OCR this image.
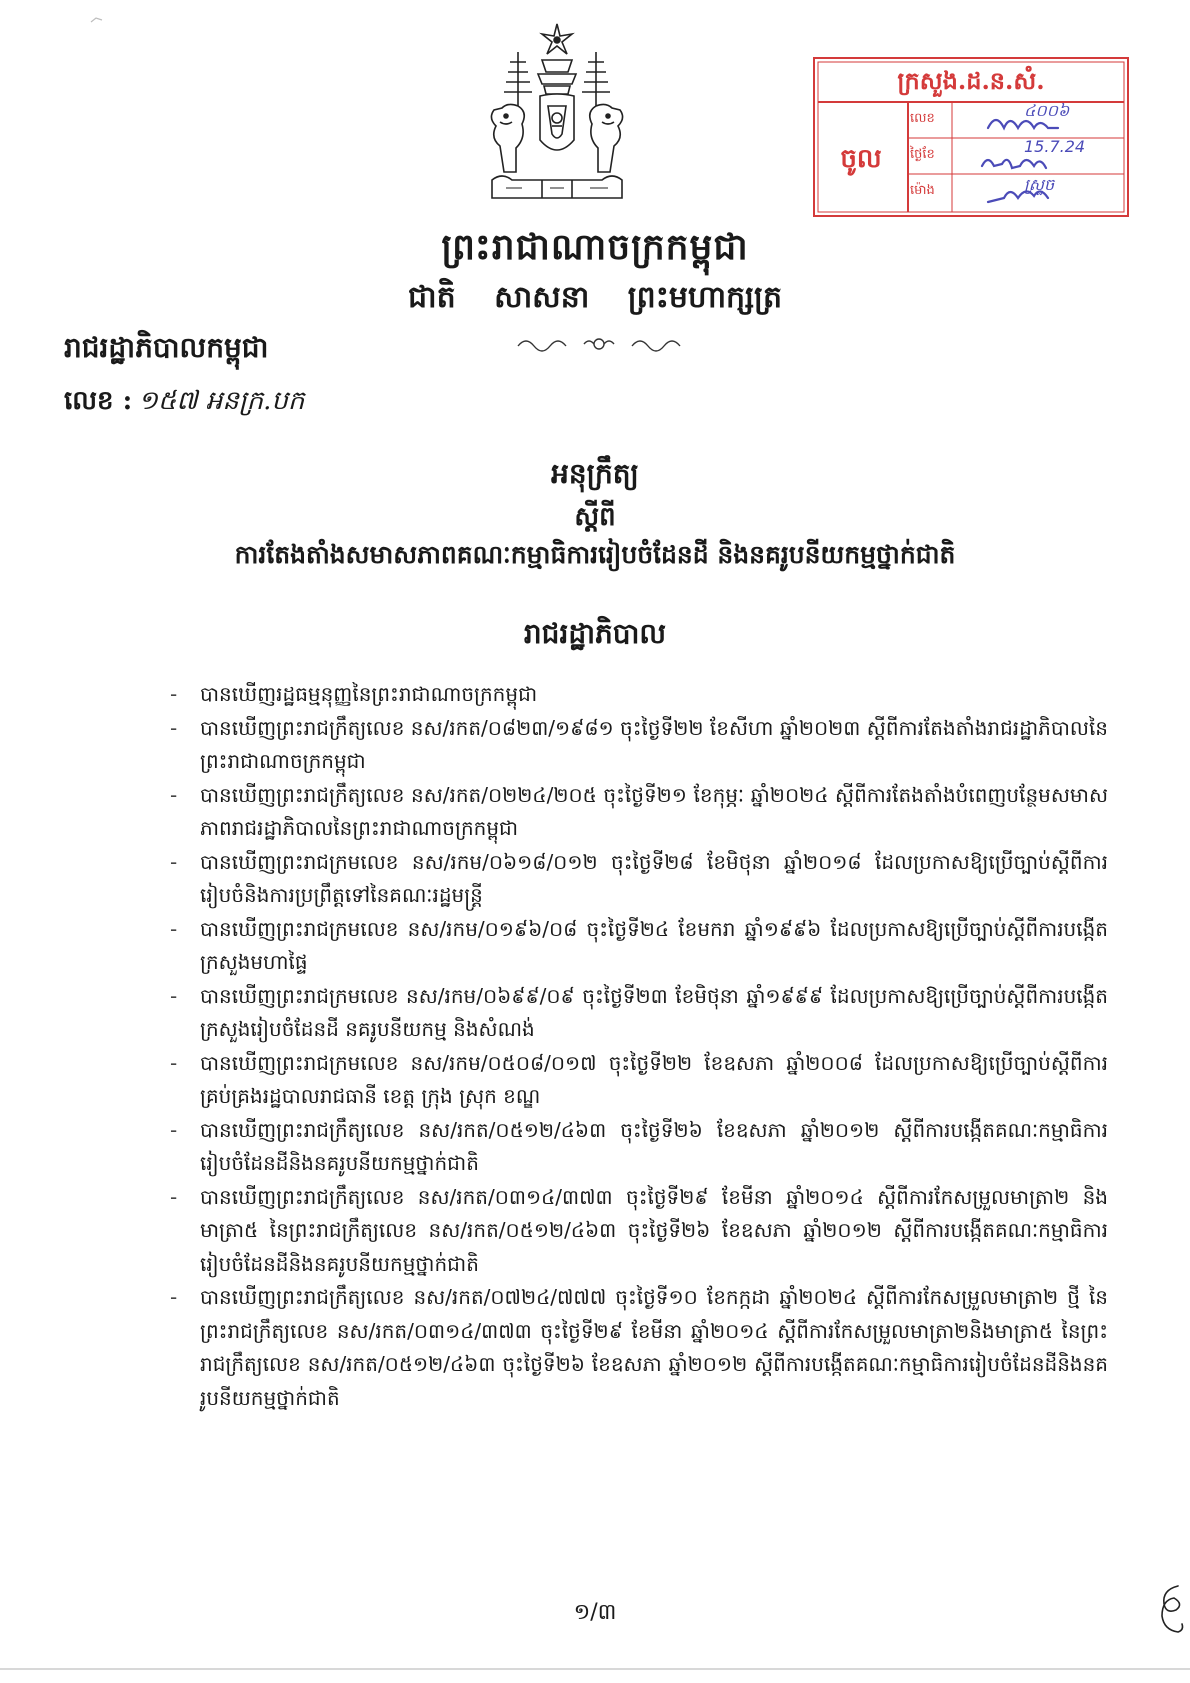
ក្រសួង.ដ.ន.សំ.
ចូល
លេខ	៤០០៦
ថ្ងៃខែ	15.7.24
ម៉ោង	ស្រួច
ព្រះរាជាណាចក្រកម្ពុជា
ជាតិ សាសនា ព្រះមហាក្សត្រ
រាជរដ្ឋាភិបាលកម្ពុជា
លេខ : ១៥៧ អនក្រ.បក
អនុក្រឹត្យ
ស្ដីពី
ការតែងតាំងសមាសភាពគណៈកម្មាធិការរៀបចំដែនដី និងនគរូបនីយកម្មថ្នាក់ជាតិ
រាជរដ្ឋាភិបាល
-	បានឃើញរដ្ឋធម្មនុញ្ញនៃព្រះរាជាណាចក្រកម្ពុជា
-	បានឃើញព្រះរាជក្រឹត្យលេខ នស/រកត/០៨២៣/១៩៨១ ចុះថ្ងៃទី២២ ខែសីហា ឆ្នាំ២០២៣ ស្ដីពីការតែងតាំងរាជរដ្ឋាភិបាលនៃព្រះរាជាណាចក្រកម្ពុជា
-	បានឃើញព្រះរាជក្រឹត្យលេខ នស/រកត/០២២៤/២០៥ ចុះថ្ងៃទី២១ ខែកុម្ភៈ ឆ្នាំ២០២៤ ស្ដីពីការតែងតាំងបំពេញបន្ថែមសមាសភាពរាជរដ្ឋាភិបាលនៃព្រះរាជាណាចក្រកម្ពុជា
-	បានឃើញព្រះរាជក្រមលេខ នស/រកម/០៦១៨/០១២ ចុះថ្ងៃទី២៨ ខែមិថុនា ឆ្នាំ២០១៨ ដែលប្រកាសឱ្យប្រើច្បាប់ស្ដីពីការរៀបចំនិងការប្រព្រឹត្តទៅនៃគណៈរដ្ឋមន្ត្រី
-	បានឃើញព្រះរាជក្រមលេខ នស/រកម/០១៩៦/០៨ ចុះថ្ងៃទី២៤ ខែមករា ឆ្នាំ១៩៩៦ ដែលប្រកាសឱ្យប្រើច្បាប់ស្ដីពីការបង្កើតក្រសួងមហាផ្ទៃ
-	បានឃើញព្រះរាជក្រមលេខ នស/រកម/០៦៩៩/០៩ ចុះថ្ងៃទី២៣ ខែមិថុនា ឆ្នាំ១៩៩៩ ដែលប្រកាសឱ្យប្រើច្បាប់ស្ដីពីការបង្កើតក្រសួងរៀបចំដែនដី នគរូបនីយកម្ម និងសំណង់
-	បានឃើញព្រះរាជក្រមលេខ នស/រកម/០៥០៨/០១៧ ចុះថ្ងៃទី២២ ខែឧសភា ឆ្នាំ២០០៨ ដែលប្រកាសឱ្យប្រើច្បាប់ស្ដីពីការគ្រប់គ្រងរដ្ឋបាលរាជធានី ខេត្ត ក្រុង ស្រុក ខណ្ឌ
-	បានឃើញព្រះរាជក្រឹត្យលេខ នស/រកត/០៥១២/៤៦៣ ចុះថ្ងៃទី២៦ ខែឧសភា ឆ្នាំ២០១២ ស្ដីពីការបង្កើតគណៈកម្មាធិការរៀបចំដែនដីនិងនគរូបនីយកម្មថ្នាក់ជាតិ
-	បានឃើញព្រះរាជក្រឹត្យលេខ នស/រកត/០៣១៤/៣៧៣ ចុះថ្ងៃទី២៩ ខែមីនា ឆ្នាំ២០១៤ ស្ដីពីការកែសម្រួលមាត្រា២ និងមាត្រា៥ នៃព្រះរាជក្រឹត្យលេខ នស/រកត/០៥១២/៤៦៣ ចុះថ្ងៃទី២៦ ខែឧសភា ឆ្នាំ២០១២ ស្ដីពីការបង្កើតគណៈកម្មាធិការរៀបចំដែនដីនិងនគរូបនីយកម្មថ្នាក់ជាតិ
-	បានឃើញព្រះរាជក្រឹត្យលេខ នស/រកត/០៧២៤/៧៧៧ ចុះថ្ងៃទី១០ ខែកក្កដា ឆ្នាំ២០២៤ ស្ដីពីការកែសម្រួលមាត្រា២ ថ្មី នៃព្រះរាជក្រឹត្យលេខ នស/រកត/០៣១៤/៣៧៣ ចុះថ្ងៃទី២៩ ខែមីនា ឆ្នាំ២០១៤ ស្ដីពីការកែសម្រួលមាត្រា២និងមាត្រា៥ នៃព្រះរាជក្រឹត្យលេខ នស/រកត/០៥១២/៤៦៣ ចុះថ្ងៃទី២៦ ខែឧសភា ឆ្នាំ២០១២ ស្ដីពីការបង្កើតគណៈកម្មាធិការរៀបចំដែនដីនិងនគរូបនីយកម្មថ្នាក់ជាតិ
១/៣
